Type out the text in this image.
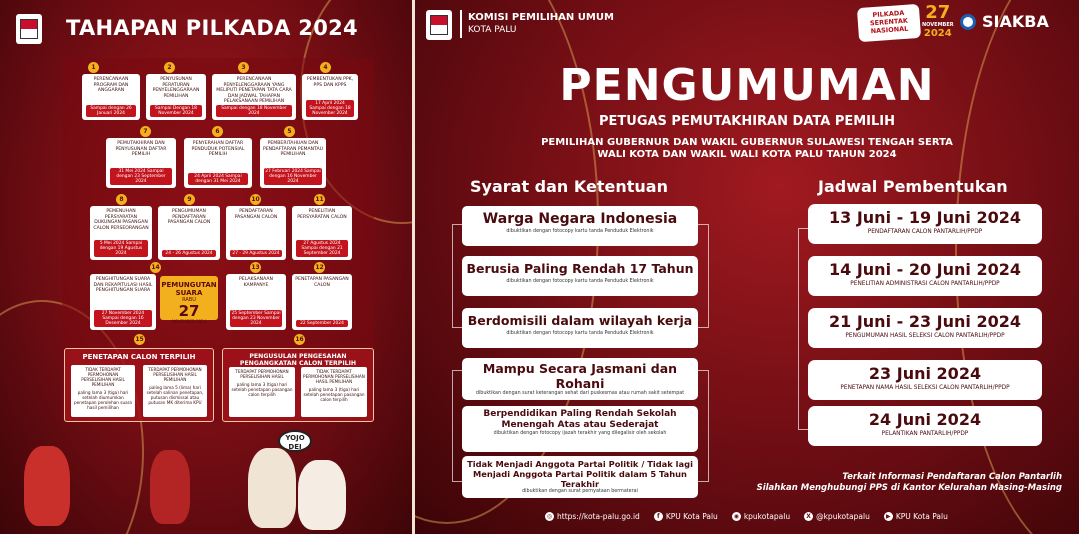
TAHAPAN PILKADA 2024
1
PERENCANAAN PROGRAM DAN ANGGARAN
Sampai dengan 26 Januari 2024
2
PENYUSUNAN PERATURAN PENYELENGGARAAN PEMILIHAN
Sampai Dengan 18 November 2024
3
PERENCANAAN PENYELENGGARAAN YANG MELIPUTI PENETAPAN TATA CARA DAN JADWAL TAHAPAN PELAKSANAAN PEMILIHAN
Sampai dengan 18 November 2024
4
PEMBENTUKAN PPK, PPS DAN KPPS
17 April 2024 Sampai dengan 18 November 2024
7
PEMUTAKHIRAN DAN PENYUSUNAN DAFTAR PEMILIH
31 Mei 2024 Sampai dengan 23 September 2024
6
PENYERAHAN DAFTAR PENDUDUK POTENSIAL PEMILIH
24 April 2024 Sampai dengan 31 Mei 2024
5
PEMBERITAHUAN DAN PENDAFTARAN PEMANTAU PEMILIHAN
27 Februari 2024 Sampai dengan 16 November 2024
8
PEMENUHAN PERSYARATAN DUKUNGAN PASANGAN CALON PERSEORANGAN
5 Mei 2024 Sampai dengan 19 Agustus 2024
9
PENGUMUMAN PENDAFTARAN PASANGAN CALON
24 - 26 Agustus 2024
10
PENDAFTARAN PASANGAN CALON
27 - 29 Agustus 2024
11
PENELITIAN PERSYARATAN CALON
27 Agustus 2024 Sampai dengan 21 September 2024
14
PENGHITUNGAN SUARA DAN REKAPITULASI HASIL PENGHITUNGAN SUARA
27 November 2024 Sampai dengan 16 Desember 2024
PEMUNGUTAN SUARA
RABU
27
NOVEMBER 2024
13
PELAKSANAAN KAMPANYE
25 September Sampai dengan 23 November 2024
12
PENETAPAN PASANGAN CALON
22 September 2024
15
PENETAPAN CALON TERPILIH
TIDAK TERDAPAT PERMOHONAN PERSELISIHAN HASIL PEMILIHAN
paling lama 3 (tiga) hari setelah diumumkan penetapan perolehan suara hasil pemilihan
TERDAPAT PERMOHONAN PERSELISIHAN HASIL PEMILIHAN
paling lama 5 (lima) hari setelah salinan penetapan, putusan dismissal atau putusan MK diterima KPU
16
PENGUSULAN PENGESAHAN PENGANGKATAN CALON TERPILIH
TERDAPAT PERMOHONAN PERSELISIHAN HASIL
paling lama 3 (tiga) hari setelah penetapan pasangan calon terpilih
TIDAK TERDAPAT PERMOHONAN PERSELISIHAN HASIL PEMILIHAN
paling lama 3 (tiga) hari setelah penetapan pasangan calon terpilih
YOJO DEI
KOMISI PEMILIHAN UMUM
KOTA PALU
PILKADA SERENTAK NASIONAL
27
NOVEMBER
2024
SIAKBA
PENGUMUMAN
PETUGAS PEMUTAKHIRAN DATA PEMILIH
PEMILIHAN GUBERNUR DAN WAKIL GUBERNUR SULAWESI TENGAH SERTA
WALI KOTA DAN WAKIL WALI KOTA PALU TAHUN 2024
Syarat dan Ketentuan	Jadwal Pembentukan
Warga Negara Indonesia
dibuktikan dengan fotocopy kartu tanda Penduduk Elektronik
Berusia Paling Rendah 17 Tahun
dibuktikan dengan fotocopy kartu tanda Penduduk Elektronik
Berdomisili dalam wilayah kerja
dibuktikan dengan fotocopy kartu tanda Penduduk Elektronik
Mampu Secara Jasmani dan Rohani
dibuktikan dengan surat keterangan sehat dari puskesmas atau rumah sakit setempat
Berpendidikan Paling Rendah Sekolah Menengah Atas atau Sederajat
dibuktikan dengan fotocopy ijazah terakhir yang dilegalisir oleh sekolah
Tidak Menjadi Anggota Partai Politik / Tidak lagi Menjadi Anggota Partai Politik dalam 5 Tahun Terakhir
dibuktikan dengan surat pernyataan bermaterai
13 Juni - 19 Juni 2024
PENDAFTARAN CALON PANTARLIH/PPDP
14 Juni - 20 Juni 2024
PENELITIAN ADMINISTRASI CALON PANTARLIH/PPDP
21 Juni - 23 Juni 2024
PENGUMUMAN HASIL SELEKSI CALON PANTARLIH/PPDP
23 Juni 2024
PENETAPAN NAMA HASIL SELEKSI CALON PANTARLIH/PPDP
24 Juni 2024
PELANTIKAN PANTARLIH/PPDP
Terkait Informasi Pendaftaran Calon Pantarlih
Silahkan Menghubungi PPS di Kantor Kelurahan Masing-Masing
◎ https://kota-palu.go.id	f KPU Kota Palu	◉ kpukotapalu	X @kpukotapalu	▶ KPU Kota Palu
